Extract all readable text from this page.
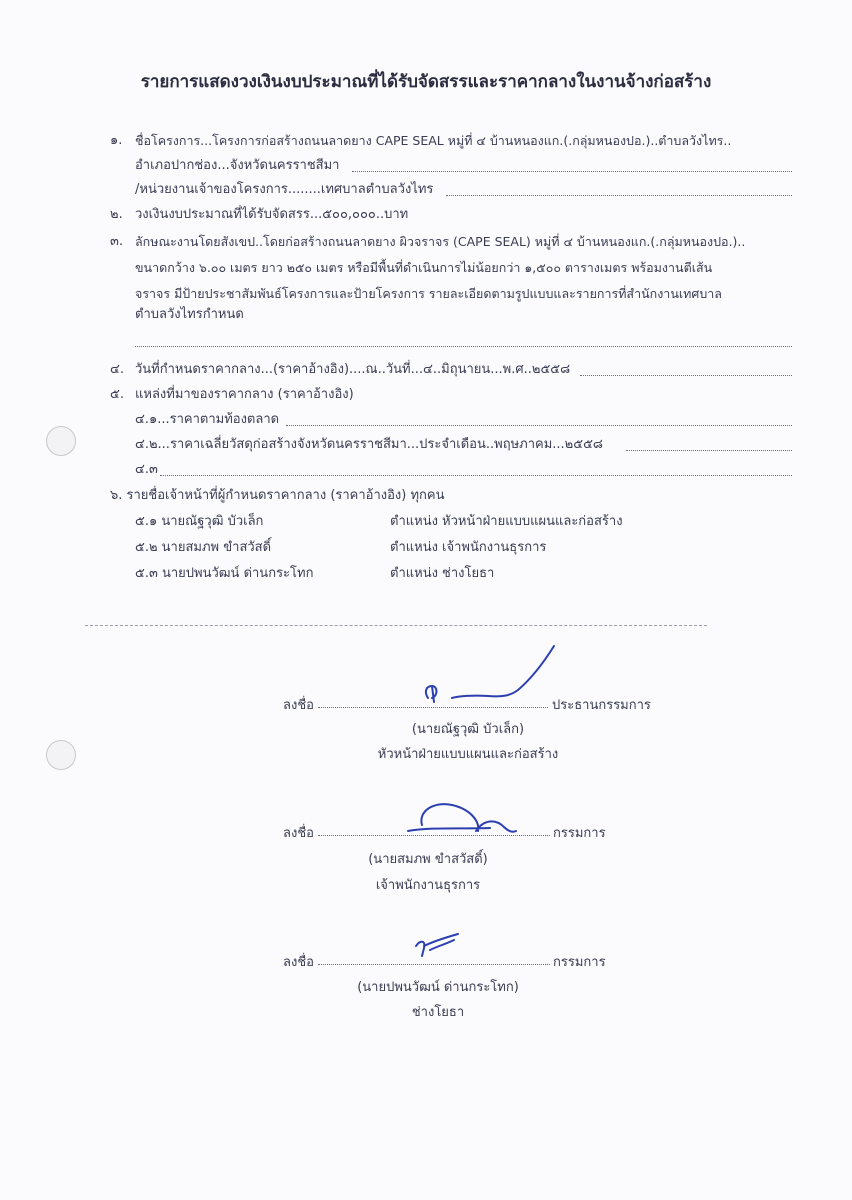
รายการแสดงวงเงินงบประมาณที่ได้รับจัดสรรและราคากลางในงานจ้างก่อสร้าง
๑. ชื่อโครงการ...โครงการก่อสร้างถนนลาดยาง CAPE SEAL หมู่ที่ ๔ บ้านหนองแก.(.กลุ่มหนองปอ.)..ตำบลวังไทร..
อำเภอปากช่อง...จังหวัดนครราชสีมา
/หน่วยงานเจ้าของโครงการ........เทศบาลตำบลวังไทร
๒. วงเงินงบประมาณที่ได้รับจัดสรร...๕๐๐,๐๐๐..บาท
๓. ลักษณะงานโดยสังเขป..โดยก่อสร้างถนนลาดยาง ผิวจราจร (CAPE SEAL) หมู่ที่ ๔ บ้านหนองแก.(.กลุ่มหนองปอ.)..
ขนาดกว้าง ๖.๐๐ เมตร ยาว ๒๕๐ เมตร หรือมีพื้นที่ดำเนินการไม่น้อยกว่า ๑,๕๐๐ ตารางเมตร พร้อมงานตีเส้น
จราจร มีป้ายประชาสัมพันธ์โครงการและป้ายโครงการ รายละเอียดตามรูปแบบและรายการที่สำนักงานเทศบาล
ตำบลวังไทรกำหนด
๔. วันที่กำหนดราคากลาง...(ราคาอ้างอิง)....ณ..วันที่...๔..มิถุนายน...พ.ศ..๒๕๕๘
๕. แหล่งที่มาของราคากลาง (ราคาอ้างอิง)
๔.๑...ราคาตามท้องตลาด
๔.๒...ราคาเฉลี่ยวัสดุก่อสร้างจังหวัดนครราชสีมา...ประจำเดือน..พฤษภาคม...๒๕๕๘
๔.๓
๖. รายชื่อเจ้าหน้าที่ผู้กำหนดราคากลาง (ราคาอ้างอิง) ทุกคน
๕.๑ นายณัฐวุฒิ บัวเล็ก	ตำแหน่ง หัวหน้าฝ่ายแบบแผนและก่อสร้าง
๕.๒ นายสมภพ ขำสวัสดิ์	ตำแหน่ง เจ้าพนักงานธุรการ
๕.๓ นายปพนวัฒน์ ด่านกระโทก	ตำแหน่ง ช่างโยธา
ลงชื่อ	ประธานกรรมการ
(นายณัฐวุฒิ บัวเล็ก)
หัวหน้าฝ่ายแบบแผนและก่อสร้าง
ลงชื่อ	กรรมการ
(นายสมภพ ขำสวัสดิ์)
เจ้าพนักงานธุรการ
ลงชื่อ	กรรมการ
(นายปพนวัฒน์ ด่านกระโทก)
ช่างโยธา
